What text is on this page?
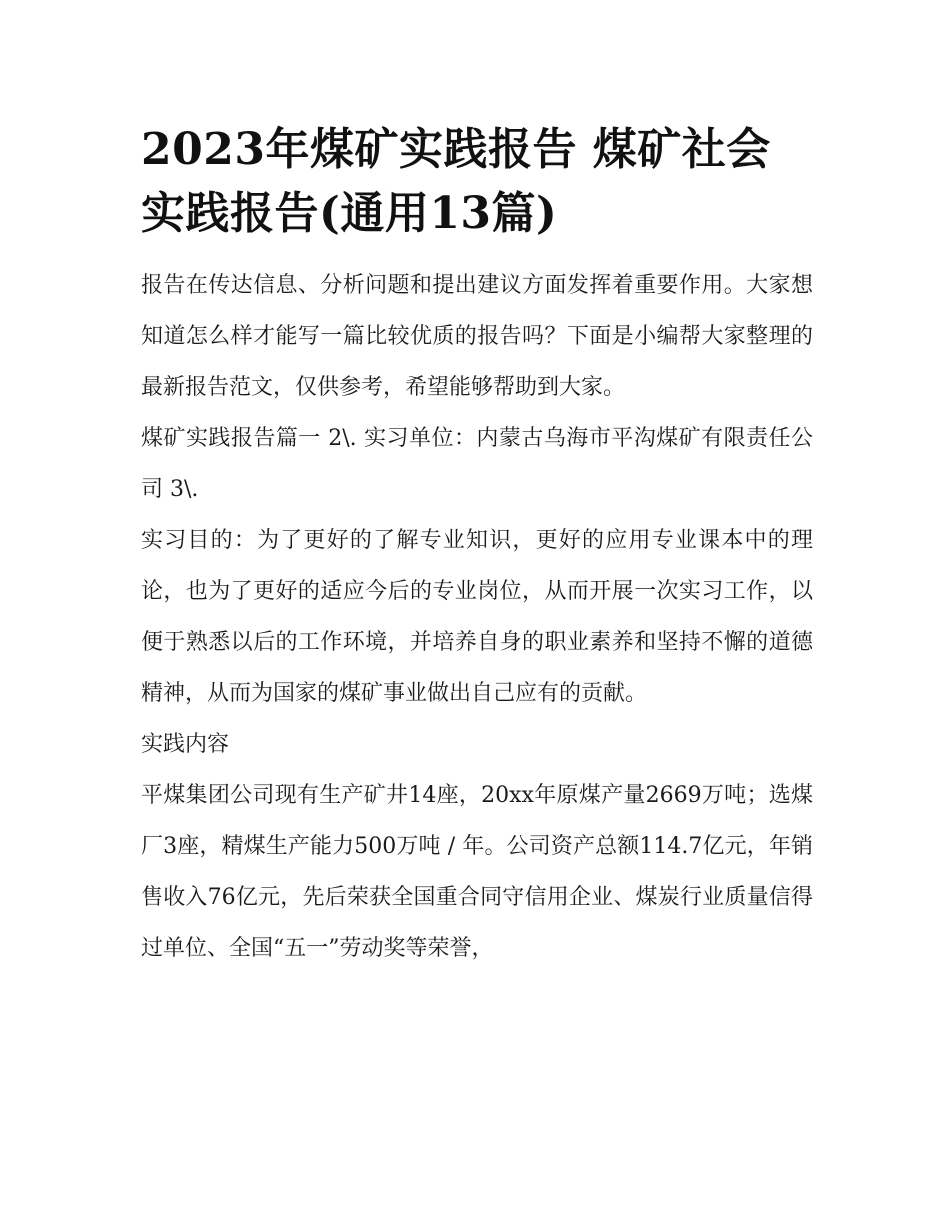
2023年煤矿实践报告 煤矿社会实践报告(通用13篇)

报告在传达信息、分析问题和提出建议方面发挥着重要作用。大家想知道怎么样才能写一篇比较优质的报告吗？下面是小编帮大家整理的最新报告范文，仅供参考，希望能够帮助到大家。

煤矿实践报告篇一 2\. 实习单位：内蒙古乌海市平沟煤矿有限责任公司 3\.

实习目的：为了更好的了解专业知识，更好的应用专业课本中的理论，也为了更好的适应今后的专业岗位，从而开展一次实习工作，以便于熟悉以后的工作环境，并培养自身的职业素养和坚持不懈的道德精神，从而为国家的煤矿事业做出自己应有的贡献。

实践内容

平煤集团公司现有生产矿井14座，20xx年原煤产量2669万吨；选煤厂3座，精煤生产能力500万吨 / 年。公司资产总额114.7亿元，年销售收入76亿元，先后荣获全国重合同守信用企业、煤炭行业质量信得过单位、全国“五一”劳动奖等荣誉，
